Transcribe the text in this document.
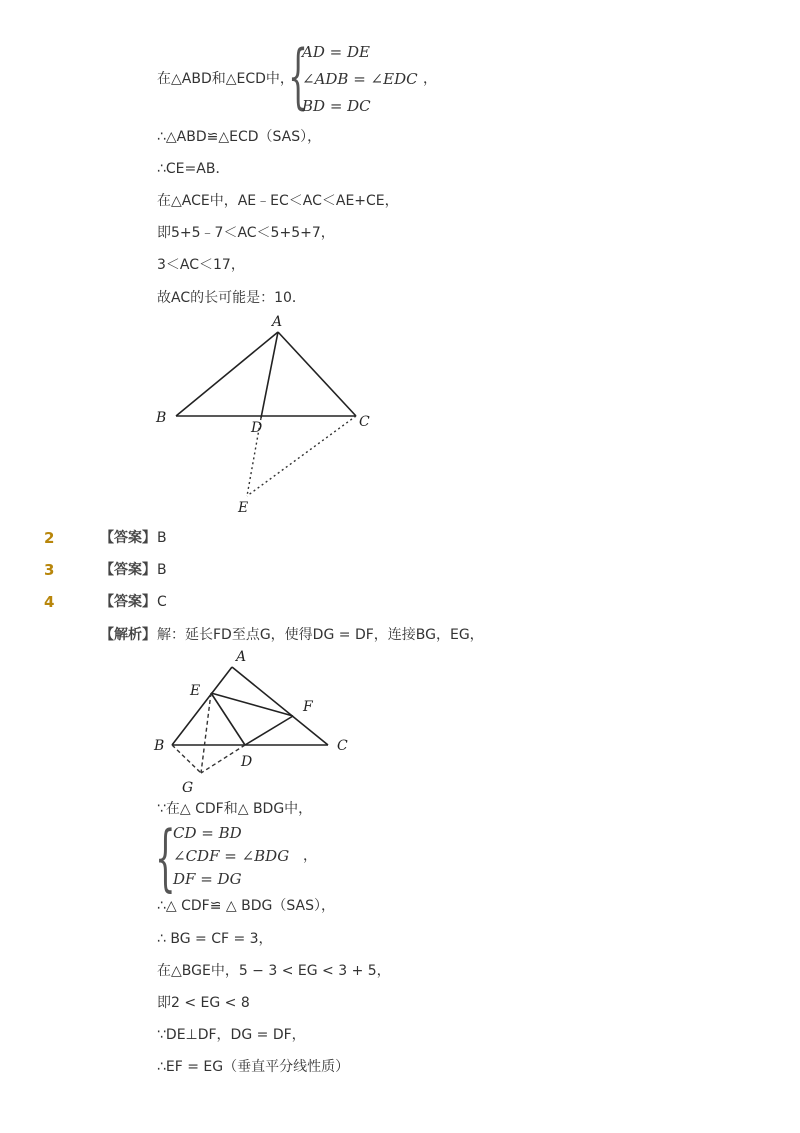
在△ABD和△ECD中，
{
AD = DE
∠ADB = ∠EDC
BD = DC
，
∴△ABD≌△ECD（SAS），
∴CE=AB．
在△ACE中，AE﹣EC＜AC＜AE+CE，
即5+5﹣7＜AC＜5+5+7，
3＜AC＜17，
故AC的长可能是：10．
A
B	C
D
E
2	【答案】 B
3	【答案】 B
4	【答案】 C
【解析】 解：延长FD至点G，使得DG = DF，连接BG，EG，
A
E
F
B	C
D
G
∵在△ CDF和△ BDG中，
{
CD = BD
∠CDF = ∠BDG
DF = DG
，
∴△ CDF≌ △ BDG（SAS），
∴ BG = CF = 3，
在△BGE中，5 − 3 < EG < 3 + 5，
即2 < EG < 8
∵DE⊥DF，DG = DF，
∴EF = EG（垂直平分线性质）
